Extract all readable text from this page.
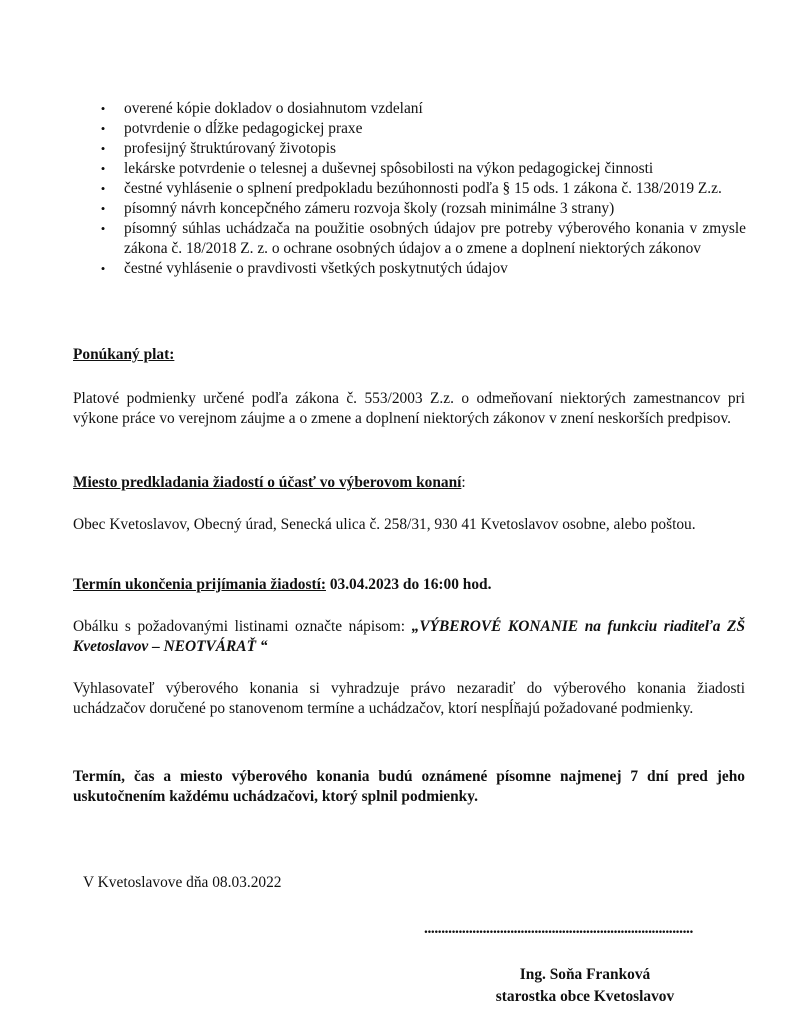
• overené kópie dokladov o dosiahnutom vzdelaní
• potvrdenie o dĺžke pedagogickej praxe
• profesijný štruktúrovaný životopis
• lekárske potvrdenie o telesnej a duševnej spôsobilosti na výkon pedagogickej činnosti
• čestné vyhlásenie o splnení predpokladu bezúhonnosti podľa § 15 ods. 1 zákona č. 138/2019 Z.z.
• písomný návrh koncepčného zámeru rozvoja školy (rozsah minimálne 3 strany)
• písomný súhlas uchádzača na použitie osobných údajov pre potreby výberového konania v zmysle zákona č. 18/2018 Z. z. o ochrane osobných údajov a o zmene a doplnení niektorých zákonov
• čestné vyhlásenie o pravdivosti všetkých poskytnutých údajov

Ponúkaný plat:

Platové podmienky určené podľa zákona č. 553/2003 Z.z. o odmeňovaní niektorých zamestnancov pri výkone práce vo verejnom záujme a o zmene a doplnení niektorých zákonov v znení neskorších predpisov.

Miesto predkladania žiadostí o účasť vo výberovom konaní:

Obec Kvetoslavov, Obecný úrad, Senecká ulica č. 258/31, 930 41 Kvetoslavov osobne, alebo poštou.

Termín ukončenia prijímania žiadostí: 03.04.2023 do 16:00 hod.

Obálku s požadovanými listinami označte nápisom: „VÝBEROVÉ KONANIE na funkciu riaditeľa ZŠ Kvetoslavov – NEOTVÁRAŤ “

Vyhlasovateľ výberového konania si vyhradzuje právo nezaradiť do výberového konania žiadosti uchádzačov doručené po stanovenom termíne a uchádzačov, ktorí nespĺňajú požadované podmienky.

Termín, čas a miesto výberového konania budú oznámené písomne najmenej 7 dní pred jeho uskutočnením každému uchádzačovi, ktorý splnil podmienky.

V Kvetoslavove dňa 08.03.2022
..............................................................................
Ing. Soňa Franková
starostka obce Kvetoslavov
